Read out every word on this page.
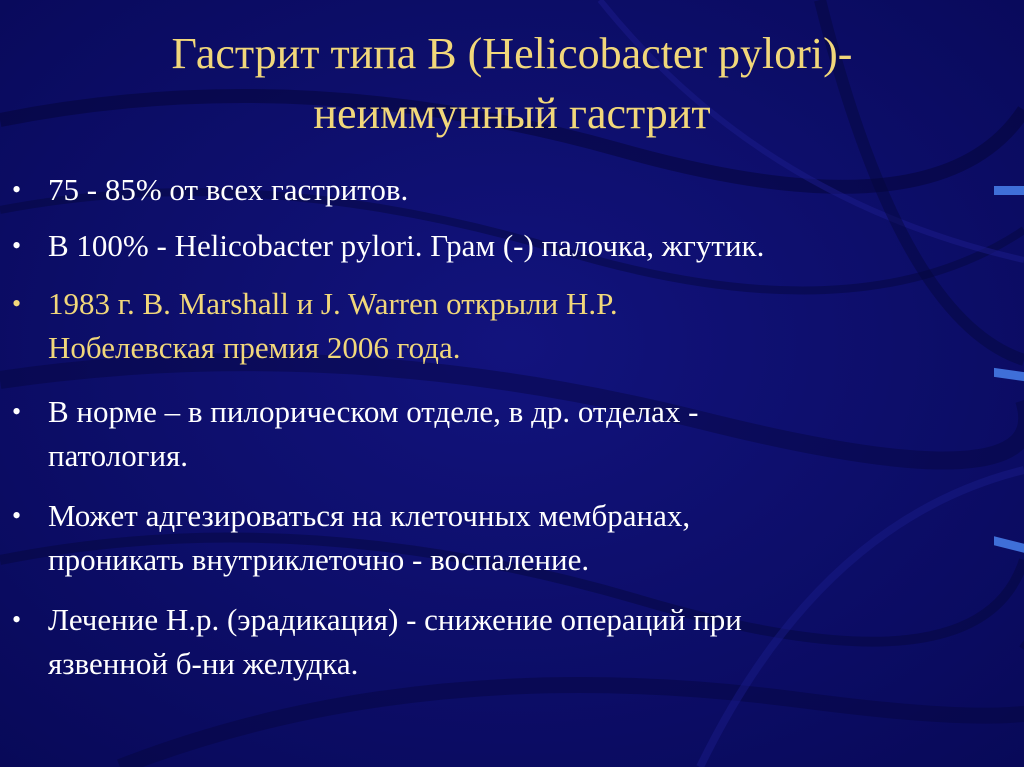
Гастрит типа В (Helicobacter pylori)-
неиммунный гастрит
• 75 - 85% от всех гастритов.
• В 100% - Helicobacter pylori. Грам (-) палочка, жгутик.
• 1983 г. B. Marshall и J. Warren открыли H.P.
Нобелевская премия 2006 года.
• В норме – в пилорическом отделе, в др. отделах -
патология.
• Может адгезироваться на клеточных мембранах,
проникать внутриклеточно - воспаление.
• Лечение H.p. (эрадикация) - снижение операций при
язвенной б-ни желудка.
